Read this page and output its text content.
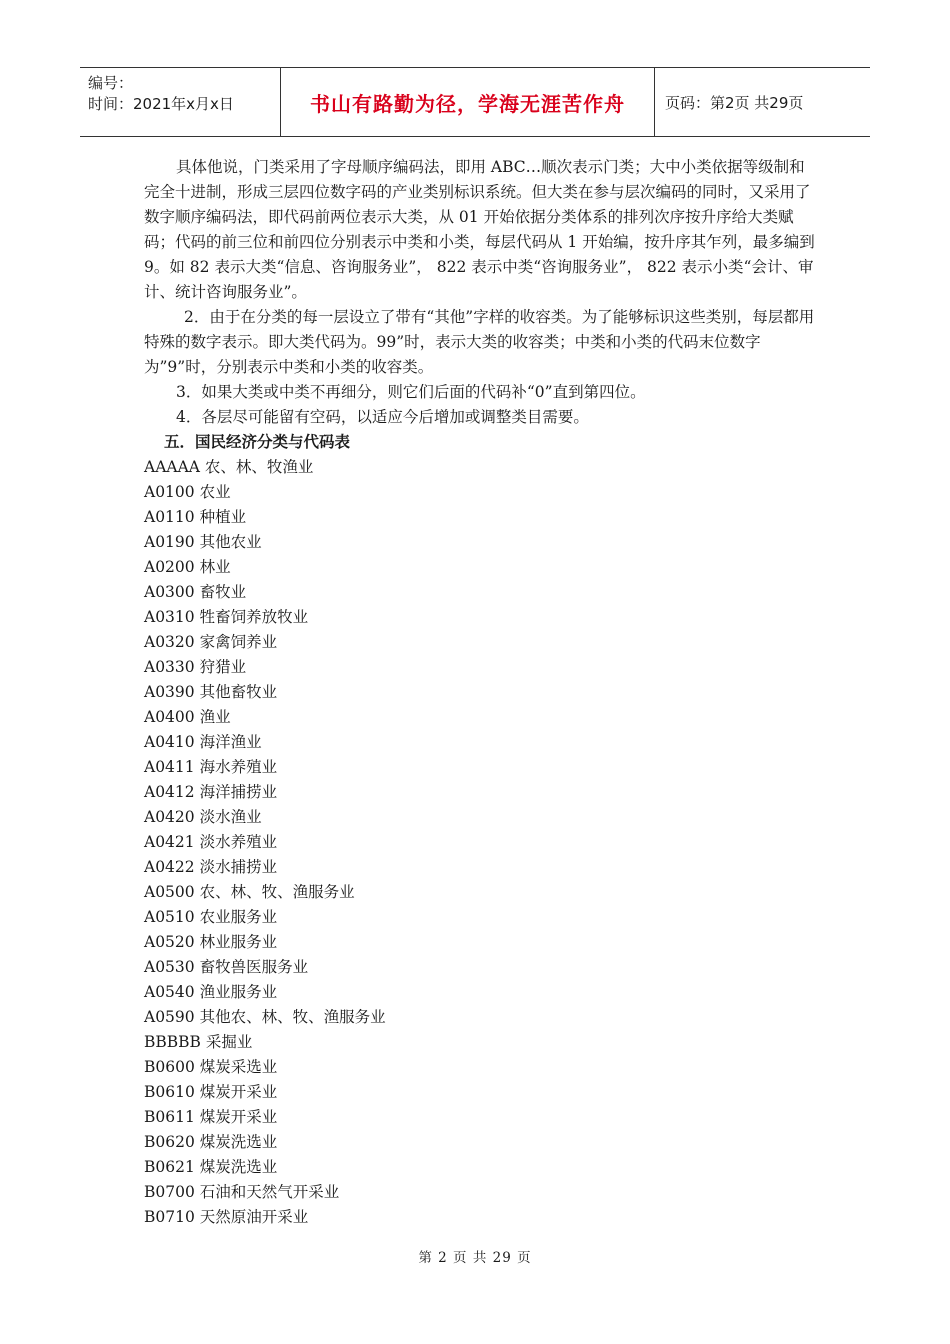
编号：
时间：2021年x月x日	书山有路勤为径，学海无涯苦作舟	页码：第2页 共29页

具体他说，门类采用了字母顺序编码法，即用 ABC…顺次表示门类；大中小类依据等级制和完全十进制，形成三层四位数字码的产业类别标识系统。但大类在参与层次编码的同时，又采用了数字顺序编码法，即代码前两位表示大类，从 01 开始依据分类体系的排列次序按升序给大类赋码；代码的前三位和前四位分别表示中类和小类，每层代码从 1 开始编，按升序其乍列，最多编到 9。如 82 表示大类“信息、咨询服务业”， 822 表示中类“咨询服务业”， 822 表示小类“会计、审计、统计咨询服务业”。

2．由于在分类的每一层设立了带有“其他”字样的收容类。为了能够标识这些类别，每层都用特殊的数字表示。即大类代码为。99”时，表示大类的收容类；中类和小类的代码末位数字为”9”时，分别表示中类和小类的收容类。

3．如果大类或中类不再细分，则它们后面的代码补“0”直到第四位。

4．各层尽可能留有空码，以适应今后增加或调整类目需要。

五．国民经济分类与代码表

AAAAA 农、林、牧渔业

A0100 农业

A0110 种植业

A0190 其他农业

A0200 林业

A0300 畜牧业

A0310 牲畜饲养放牧业

A0320 家禽饲养业

A0330 狩猎业

A0390 其他畜牧业

A0400 渔业

A0410 海洋渔业

A0411 海水养殖业

A0412 海洋捕捞业

A0420 淡水渔业

A0421 淡水养殖业

A0422 淡水捕捞业

A0500 农、林、牧、渔服务业

A0510 农业服务业

A0520 林业服务业

A0530 畜牧兽医服务业

A0540 渔业服务业

A0590 其他农、林、牧、渔服务业

BBBBB 采掘业

B0600 煤炭采选业

B0610 煤炭开采业

B0611 煤炭开采业

B0620 煤炭洗选业

B0621 煤炭洗选业

B0700 石油和天然气开采业

B0710 天然原油开采业

第 2 页 共 29 页
